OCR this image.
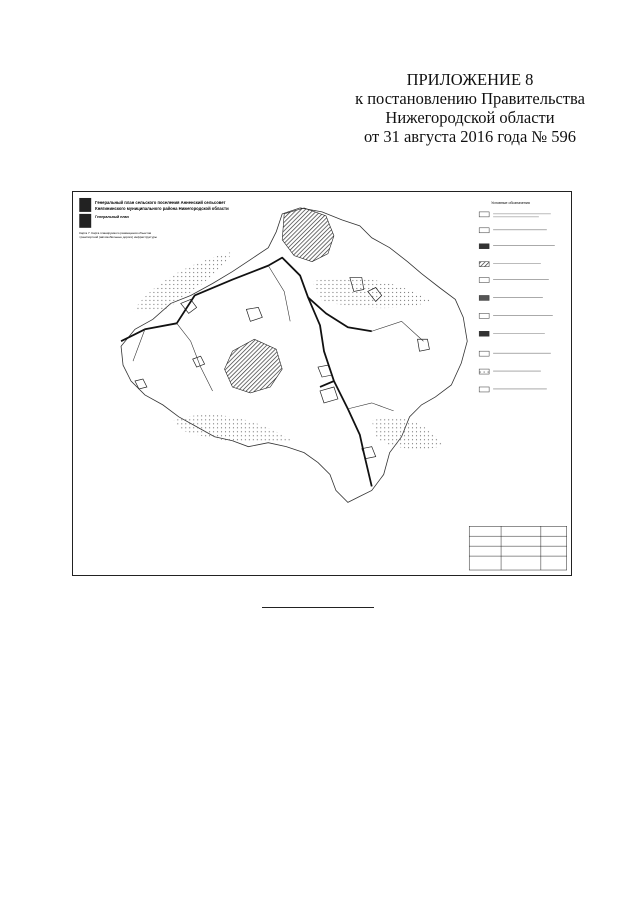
ПРИЛОЖЕНИЕ 8
к постановлению Правительства
Нижегородской области
от 31 августа 2016 года № 596
Генеральный план сельского поселения Анненский сельсовет
Княгининского муниципального района Нижегородской области
Генеральный план
Карта 7. Карта планируемого размещения объектов
транспортной (автомобильные дороги) инфраструктуры
Условные обозначения
